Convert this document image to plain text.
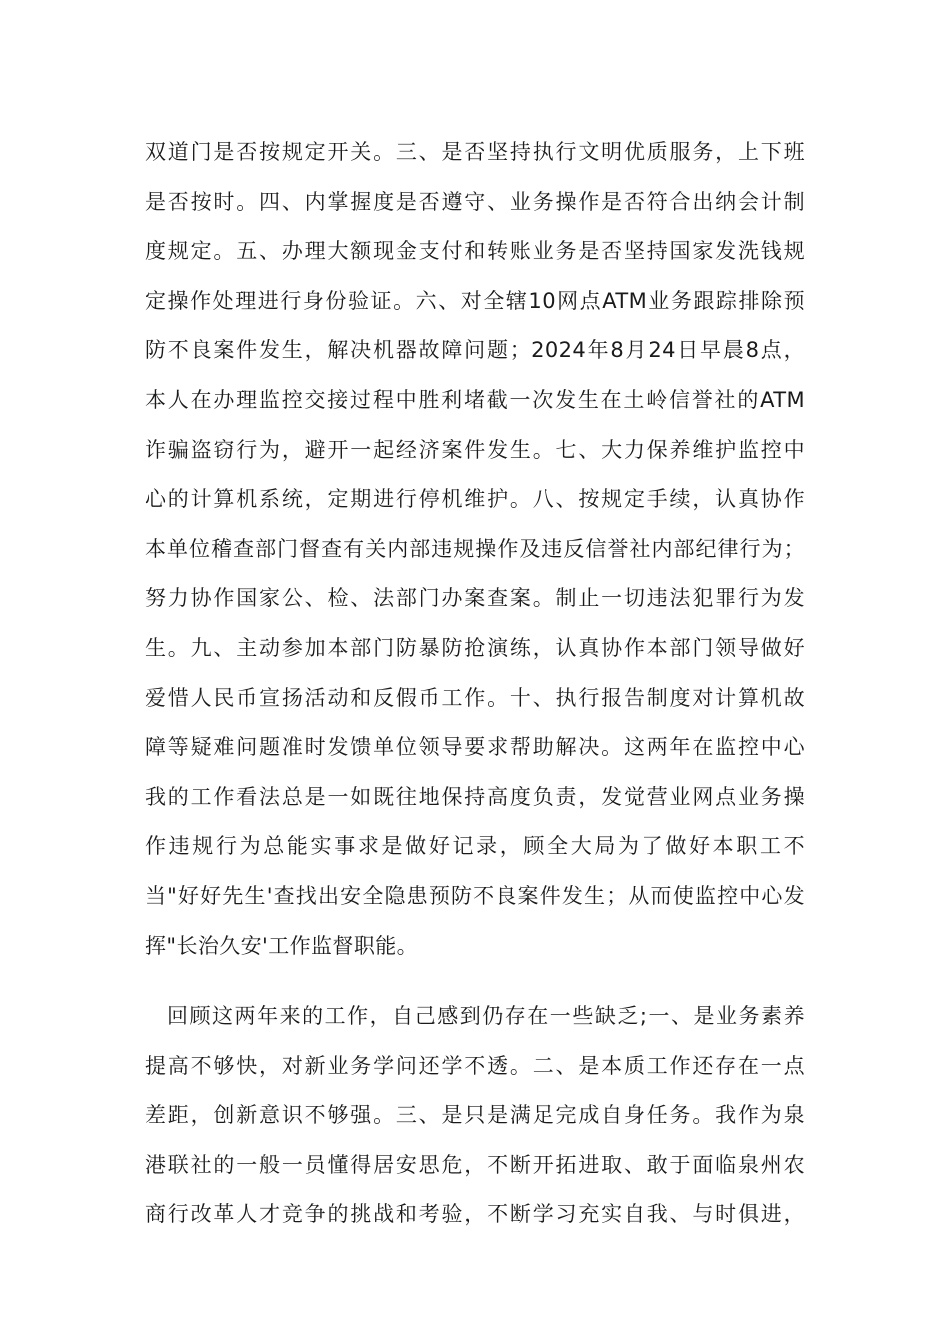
双道门是否按规定开关。三、是否坚持执行文明优质服务，上下班
是否按时。四、内掌握度是否遵守、业务操作是否符合出纳会计制
度规定。五、办理大额现金支付和转账业务是否坚持国家发洗钱规
定操作处理进行身份验证。六、对全辖10网点ATM业务跟踪排除预
防不良案件发生，解决机器故障问题；2024年8月24日早晨8点，
本人在办理监控交接过程中胜利堵截一次发生在土岭信誉社的ATM
诈骗盗窃行为，避开一起经济案件发生。七、大力保养维护监控中
心的计算机系统，定期进行停机维护。八、按规定手续，认真协作
本单位稽查部门督查有关内部违规操作及违反信誉社内部纪律行为；
努力协作国家公、检、法部门办案查案。制止一切违法犯罪行为发
生。九、主动参加本部门防暴防抢演练，认真协作本部门领导做好
爱惜人民币宣扬活动和反假币工作。十、执行报告制度对计算机故
障等疑难问题准时发馈单位领导要求帮助解决。这两年在监控中心
我的工作看法总是一如既往地保持高度负责，发觉营业网点业务操
作违规行为总能实事求是做好记录，顾全大局为了做好本职工不
当"好好先生'查找出安全隐患预防不良案件发生；从而使监控中心发
挥"长治久安'工作监督职能。
回顾这两年来的工作，自己感到仍存在一些缺乏;一、是业务素养
提高不够快，对新业务学问还学不透。二、是本质工作还存在一点
差距，创新意识不够强。三、是只是满足完成自身任务。我作为泉
港联社的一般一员懂得居安思危，不断开拓进取、敢于面临泉州农
商行改革人才竞争的挑战和考验，不断学习充实自我、与时俱进，
